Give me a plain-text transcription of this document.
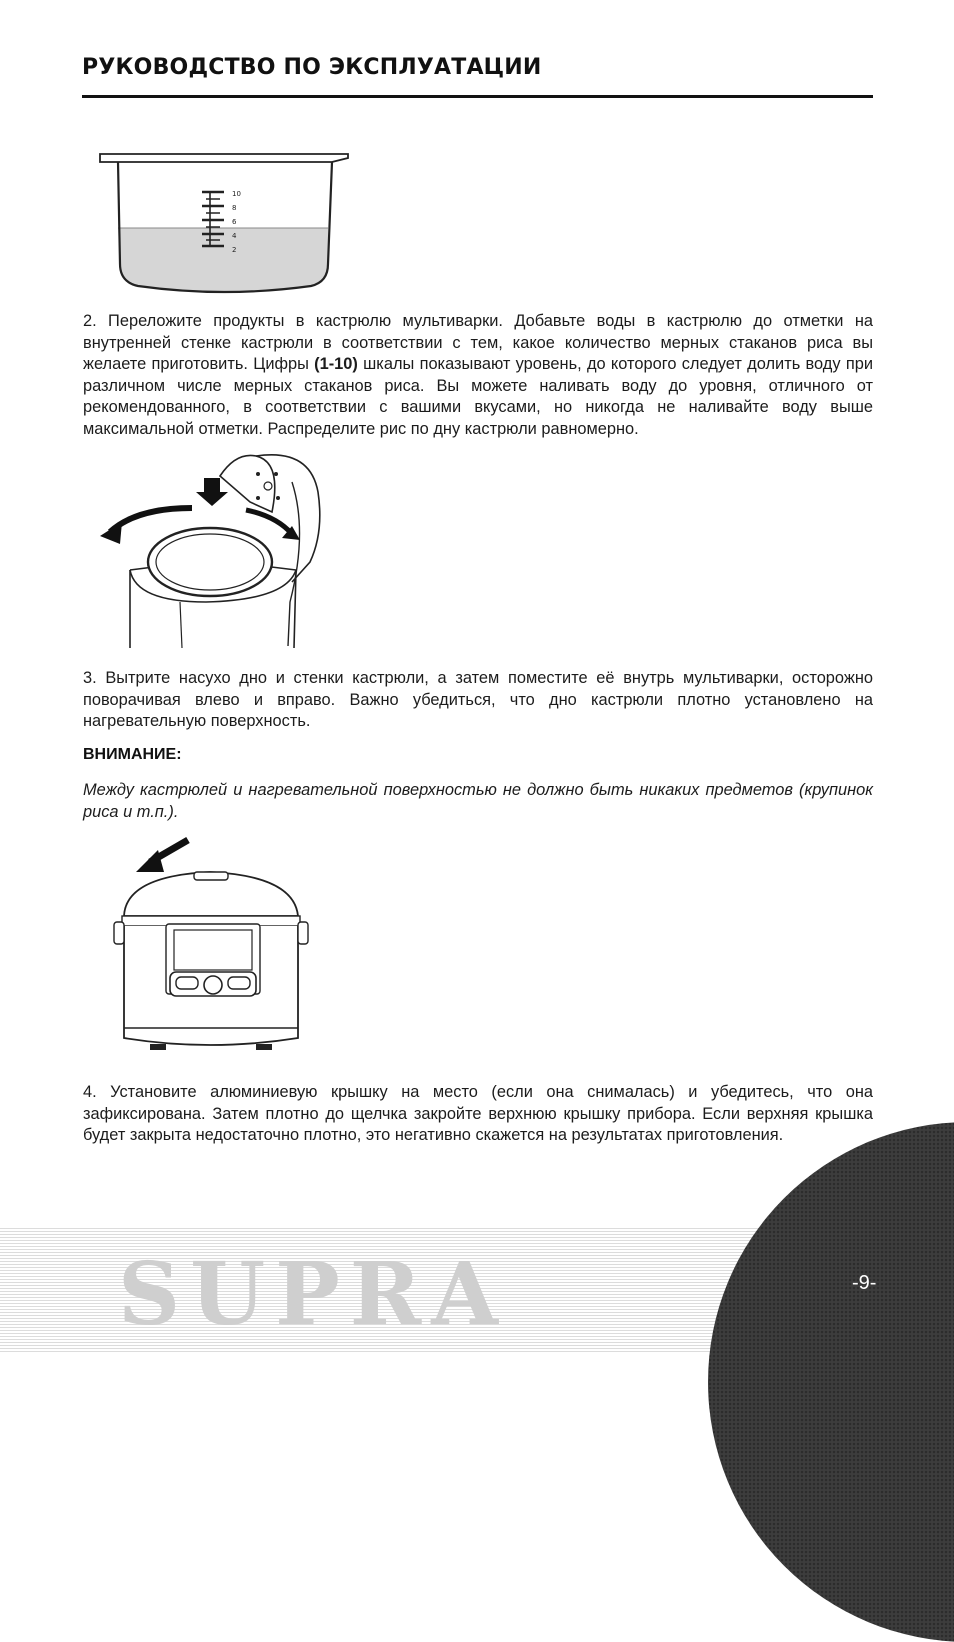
РУКОВОДСТВО ПО ЭКСПЛУАТАЦИИ
10
8
6
4
2

2. Переложите продукты в кастрюлю мультиварки. Добавьте воды в кастрюлю до отметки на внутренней стенке кастрюли в соответствии с тем, какое количество мерных стаканов риса вы желаете приготовить. Цифры (1-10) шкалы показывают уровень, до которого следует долить воду при различном числе мерных стаканов риса. Вы можете наливать воду до уровня, отличного от рекомендованного, в соответствии с вашими вкусами, но никогда не наливайте воду выше максимальной отметки. Распределите рис по дну кастрюли равномерно.

3. Вытрите насухо дно и стенки кастрюли, а затем поместите её внутрь мультиварки, осторожно поворачивая влево и вправо. Важно убедиться, что дно кастрюли плотно установлено на нагревательную поверхность.

ВНИМАНИЕ:

Между кастрюлей и нагревательной поверхностью не должно быть никаких предметов (крупинок риса и т.п.).

4. Установите алюминиевую крышку на место (если она снималась) и убедитесь, что она зафиксирована. Затем плотно до щелчка закройте верхнюю крышку прибора. Если верхняя крышка будет закрыта недостаточно плотно, это негативно скажется на результатах приготовления.

SUPRA	-9-
